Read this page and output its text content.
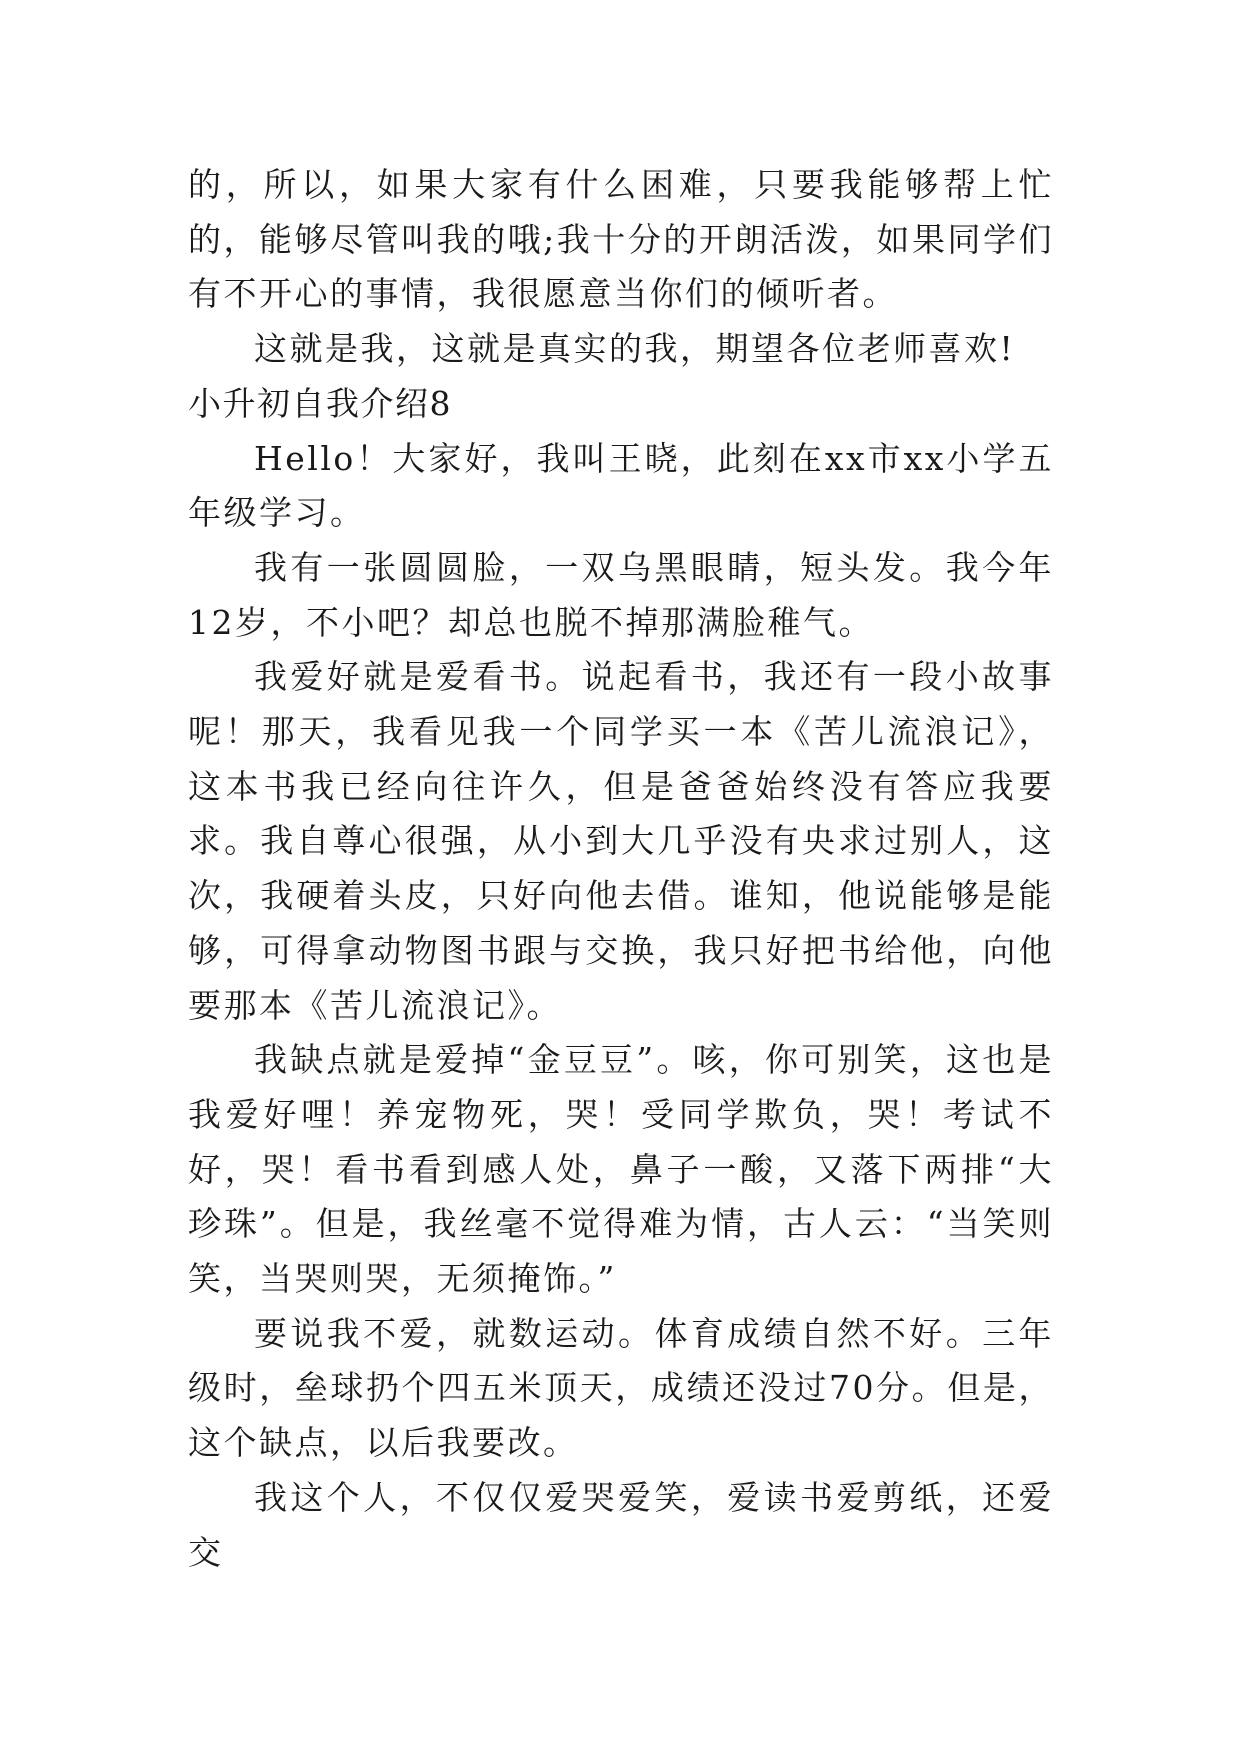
的，所以，如果大家有什么困难，只要我能够帮上忙的，能够尽管叫我的哦;我十分的开朗活泼，如果同学们有不开心的事情，我很愿意当你们的倾听者。

这就是我，这就是真实的我，期望各位老师喜欢!

小升初自我介绍8

Hello！大家好，我叫王晓，此刻在xx市xx小学五年级学习。

我有一张圆圆脸，一双乌黑眼睛，短头发。我今年12岁，不小吧？却总也脱不掉那满脸稚气。

我爱好就是爱看书。说起看书，我还有一段小故事呢！那天，我看见我一个同学买一本《苦儿流浪记》，这本书我已经向往许久，但是爸爸始终没有答应我要求。我自尊心很强，从小到大几乎没有央求过别人，这次，我硬着头皮，只好向他去借。谁知，他说能够是能够，可得拿动物图书跟与交换，我只好把书给他，向他要那本《苦儿流浪记》。

我缺点就是爱掉“金豆豆”。咳，你可别笑，这也是我爱好哩！养宠物死，哭！受同学欺负，哭！考试不好，哭！看书看到感人处，鼻子一酸，又落下两排“大珍珠”。但是，我丝毫不觉得难为情，古人云：“当笑则笑，当哭则哭，无须掩饰。”

要说我不爱，就数运动。体育成绩自然不好。三年级时，垒球扔个四五米顶天，成绩还没过70分。但是，这个缺点，以后我要改。

我这个人，不仅仅爱哭爱笑，爱读书爱剪纸，还爱交
